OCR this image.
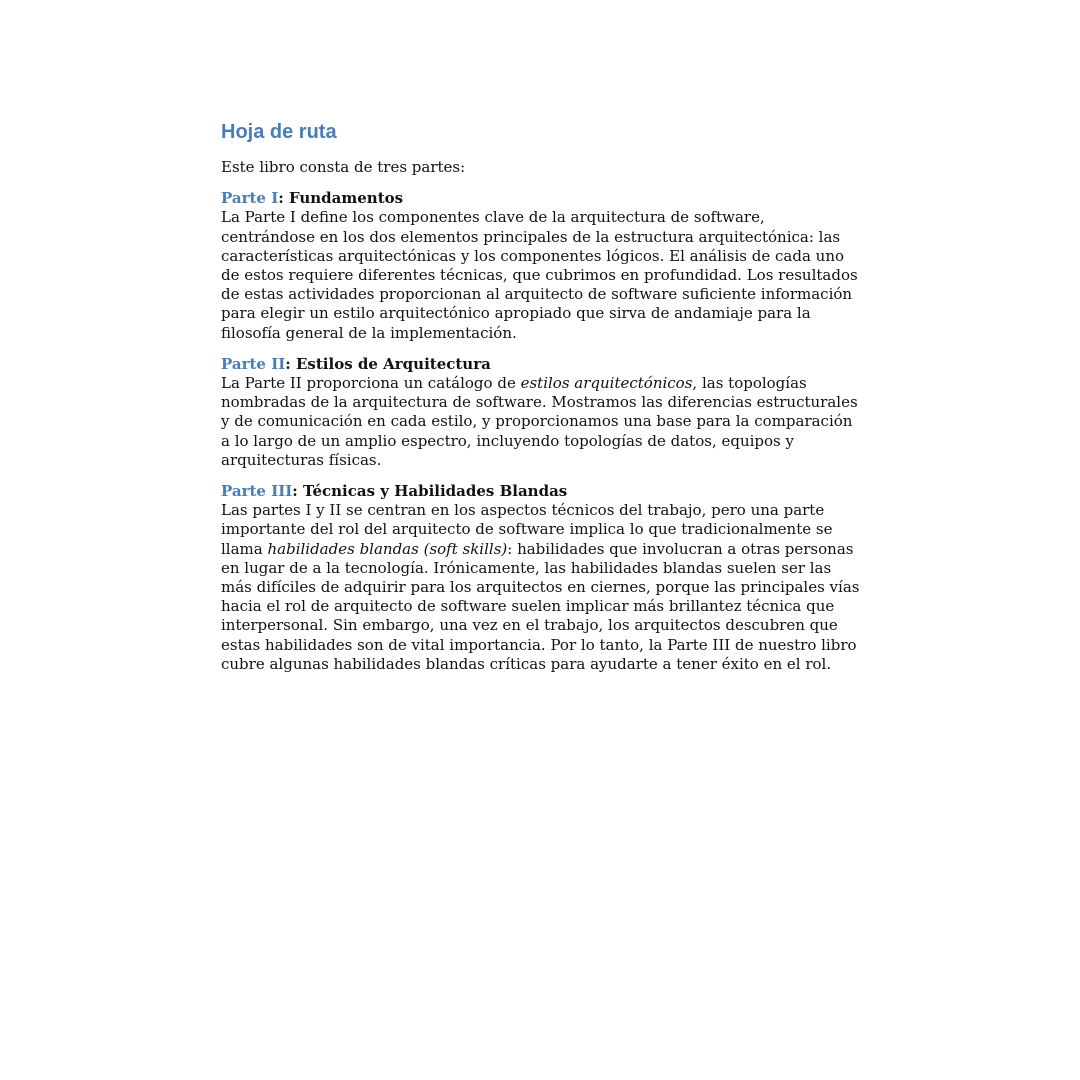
Hoja de ruta

Este libro consta de tres partes:

Parte I: Fundamentos

La Parte I define los componentes clave de la arquitectura de software, centrándose en los dos elementos principales de la estructura arquitectónica: las características arquitectónicas y los componentes lógicos. El análisis de cada uno de estos requiere diferentes técnicas, que cubrimos en profundidad. Los resultados de estas actividades proporcionan al arquitecto de software suficiente información para elegir un estilo arquitectónico apropiado que sirva de andamiaje para la filosofía general de la implementación.

Parte II: Estilos de Arquitectura

La Parte II proporciona un catálogo de estilos arquitectónicos, las topologías nombradas de la arquitectura de software. Mostramos las diferencias estructurales y de comunicación en cada estilo, y proporcionamos una base para la comparación a lo largo de un amplio espectro, incluyendo topologías de datos, equipos y arquitecturas físicas.

Parte III: Técnicas y Habilidades Blandas

Las partes I y II se centran en los aspectos técnicos del trabajo, pero una parte importante del rol del arquitecto de software implica lo que tradicionalmente se llama habilidades blandas (soft skills): habilidades que involucran a otras personas en lugar de a la tecnología. Irónicamente, las habilidades blandas suelen ser las más difíciles de adquirir para los arquitectos en ciernes, porque las principales vías hacia el rol de arquitecto de software suelen implicar más brillantez técnica que interpersonal. Sin embargo, una vez en el trabajo, los arquitectos descubren que estas habilidades son de vital importancia. Por lo tanto, la Parte III de nuestro libro cubre algunas habilidades blandas críticas para ayudarte a tener éxito en el rol.
